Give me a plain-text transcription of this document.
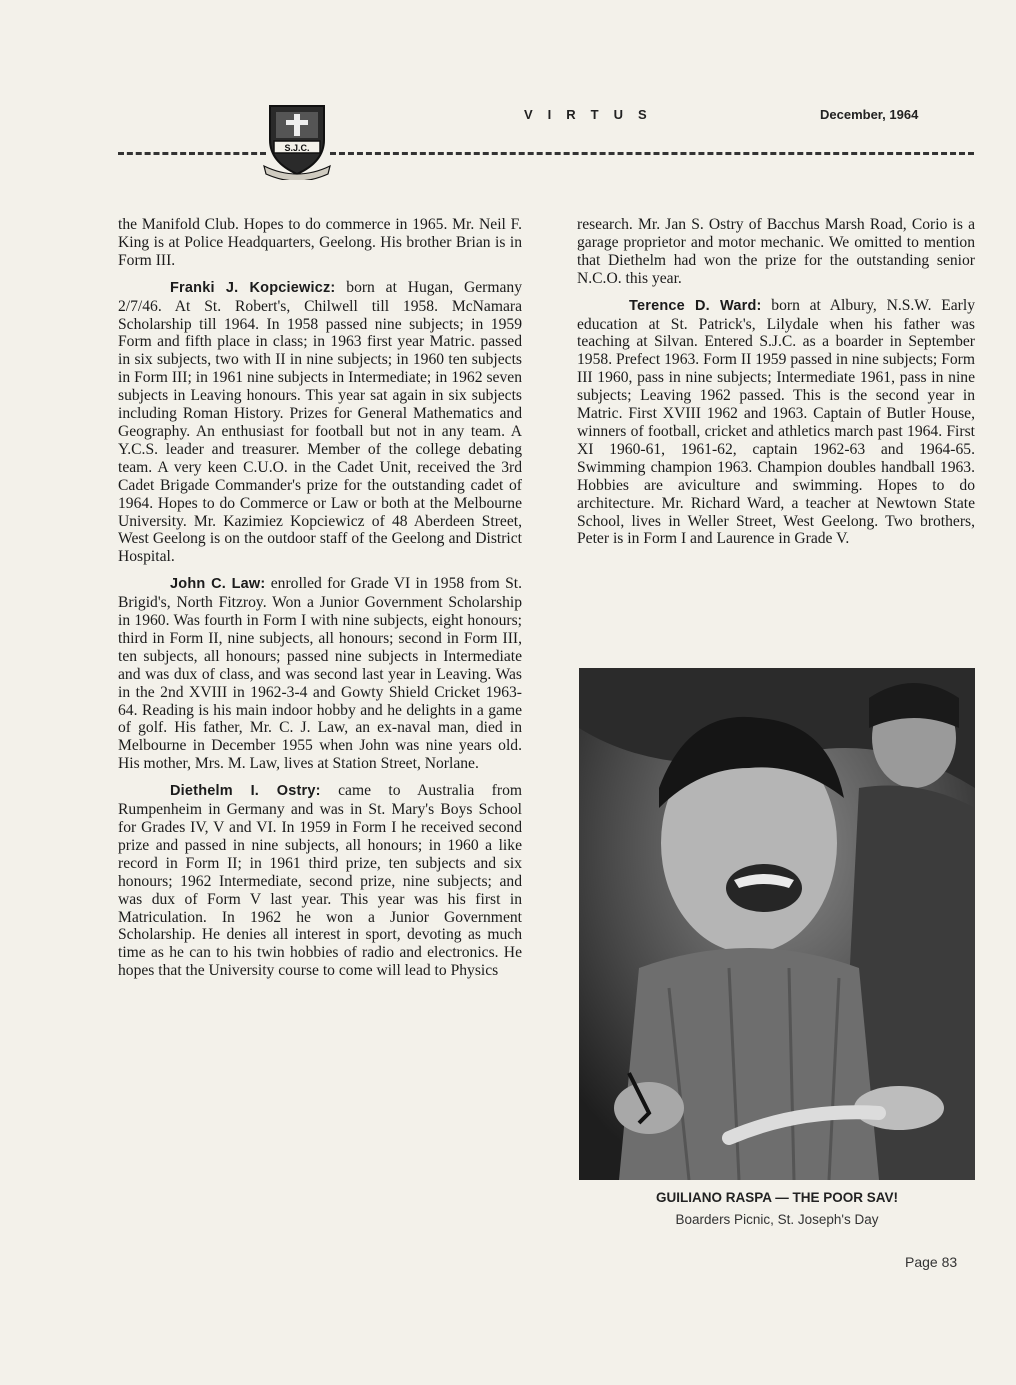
S.J.C.
VIRTUS	December, 1964

the Manifold Club. Hopes to do commerce in 1965. Mr. Neil F. King is at Police Headquarters, Geelong. His brother Brian is in Form III.

Franki J. Kopciewicz: born at Hugan, Germany 2/7/46. At St. Robert's, Chilwell till 1958. McNamara Scholarship till 1964. In 1958 passed nine subjects; in 1959 Form and fifth place in class; in 1963 first year Matric. passed in six subjects, two with II in nine subjects; in 1960 ten subjects in Form III; in 1961 nine subjects in Intermediate; in 1962 seven subjects in Leaving honours. This year sat again in six subjects including Roman History. Prizes for General Mathematics and Geography. An enthusiast for football but not in any team. A Y.C.S. leader and treasurer. Member of the college debating team. A very keen C.U.O. in the Cadet Unit, received the 3rd Cadet Brigade Commander's prize for the outstanding cadet of 1964. Hopes to do Commerce or Law or both at the Melbourne University. Mr. Kazimiez Kopciewicz of 48 Aberdeen Street, West Geelong is on the outdoor staff of the Geelong and District Hospital.

John C. Law: enrolled for Grade VI in 1958 from St. Brigid's, North Fitzroy. Won a Junior Government Scholarship in 1960. Was fourth in Form I with nine subjects, eight honours; third in Form II, nine subjects, all honours; second in Form III, ten subjects, all honours; passed nine subjects in Intermediate and was dux of class, and was second last year in Leaving. Was in the 2nd XVIII in 1962-3-4 and Gowty Shield Cricket 1963-64. Reading is his main indoor hobby and he delights in a game of golf. His father, Mr. C. J. Law, an ex-naval man, died in Melbourne in December 1955 when John was nine years old. His mother, Mrs. M. Law, lives at Station Street, Norlane.

Diethelm I. Ostry: came to Australia from Rumpenheim in Germany and was in St. Mary's Boys School for Grades IV, V and VI. In 1959 in Form I he received second prize and passed in nine subjects, all honours; in 1960 a like record in Form II; in 1961 third prize, ten subjects and six honours; 1962 Intermediate, second prize, nine subjects; and was dux of Form V last year. This year was his first in Matriculation. In 1962 he won a Junior Government Scholarship. He denies all interest in sport, devoting as much time as he can to his twin hobbies of radio and electronics. He hopes that the University course to come will lead to Physics

research. Mr. Jan S. Ostry of Bacchus Marsh Road, Corio is a garage proprietor and motor mechanic. We omitted to mention that Diethelm had won the prize for the outstanding senior N.C.O. this year.

Terence D. Ward: born at Albury, N.S.W. Early education at St. Patrick's, Lilydale when his father was teaching at Silvan. Entered S.J.C. as a boarder in September 1958. Prefect 1963. Form II 1959 passed in nine subjects; Form III 1960, pass in nine subjects; Intermediate 1961, pass in nine subjects; Leaving 1962 passed. This is the second year in Matric. First XVIII 1962 and 1963. Captain of Butler House, winners of football, cricket and athletics march past 1964. First XI 1960-61, 1961-62, captain 1962-63 and 1964-65. Swimming champion 1963. Champion doubles handball 1963. Hobbies are aviculture and swimming. Hopes to do architecture. Mr. Richard Ward, a teacher at Newtown State School, lives in Weller Street, West Geelong. Two brothers, Peter is in Form I and Laurence in Grade V.

GUILIANO RASPA — THE POOR SAV!
Boarders Picnic, St. Joseph's Day
Page 83
